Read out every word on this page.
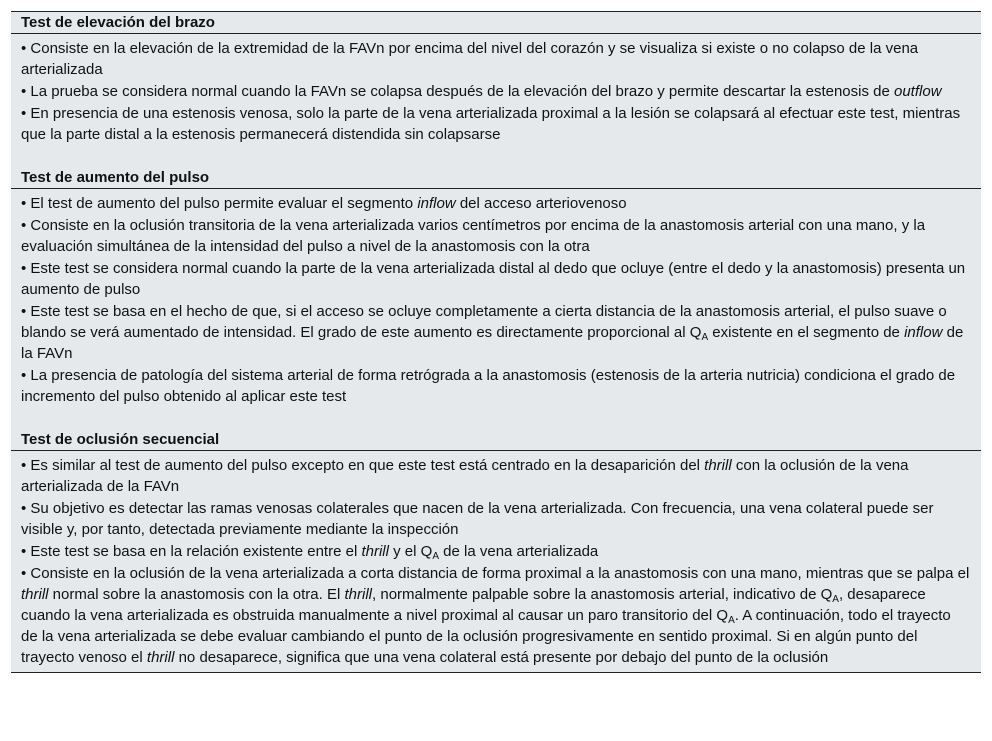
Test de elevación del brazo
• Consiste en la elevación de la extremidad de la FAVn por encima del nivel del corazón y se visualiza si existe o no colapso de la vena arterializada
• La prueba se considera normal cuando la FAVn se colapsa después de la elevación del brazo y permite descartar la estenosis de outflow
• En presencia de una estenosis venosa, solo la parte de la vena arterializada proximal a la lesión se colapsará al efectuar este test, mientras que la parte distal a la estenosis permanecerá distendida sin colapsarse
Test de aumento del pulso
• El test de aumento del pulso permite evaluar el segmento inflow del acceso arteriovenoso
• Consiste en la oclusión transitoria de la vena arterializada varios centímetros por encima de la anastomosis arterial con una mano, y la evaluación simultánea de la intensidad del pulso a nivel de la anastomosis con la otra
• Este test se considera normal cuando la parte de la vena arterializada distal al dedo que ocluye (entre el dedo y la anastomosis) presenta un aumento de pulso
• Este test se basa en el hecho de que, si el acceso se ocluye completamente a cierta distancia de la anastomosis arterial, el pulso suave o blando se verá aumentado de intensidad. El grado de este aumento es directamente proporcional al $Q_A$ existente en el segmento de inflow de la FAVn
• La presencia de patología del sistema arterial de forma retrógrada a la anastomosis (estenosis de la arteria nutricia) condiciona el grado de incremento del pulso obtenido al aplicar este test
Test de oclusión secuencial
• Es similar al test de aumento del pulso excepto en que este test está centrado en la desaparición del thrill con la oclusión de la vena arterializada de la FAVn
• Su objetivo es detectar las ramas venosas colaterales que nacen de la vena arterializada. Con frecuencia, una vena colateral puede ser visible y, por tanto, detectada previamente mediante la inspección
• Este test se basa en la relación existente entre el thrill y el $Q_A$ de la vena arterializada
• Consiste en la oclusión de la vena arterializada a corta distancia de forma proximal a la anastomosis con una mano, mientras que se palpa el thrill normal sobre la anastomosis con la otra. El thrill, normalmente palpable sobre la anastomosis arterial, indicativo de $Q_A$, desaparece cuando la vena arterializada es obstruida manualmente a nivel proximal al causar un paro transitorio del $Q_A$. A continuación, todo el trayecto de la vena arterializada se debe evaluar cambiando el punto de la oclusión progresivamente en sentido proximal. Si en algún punto del trayecto venoso el thrill no desaparece, significa que una vena colateral está presente por debajo del punto de la oclusión
